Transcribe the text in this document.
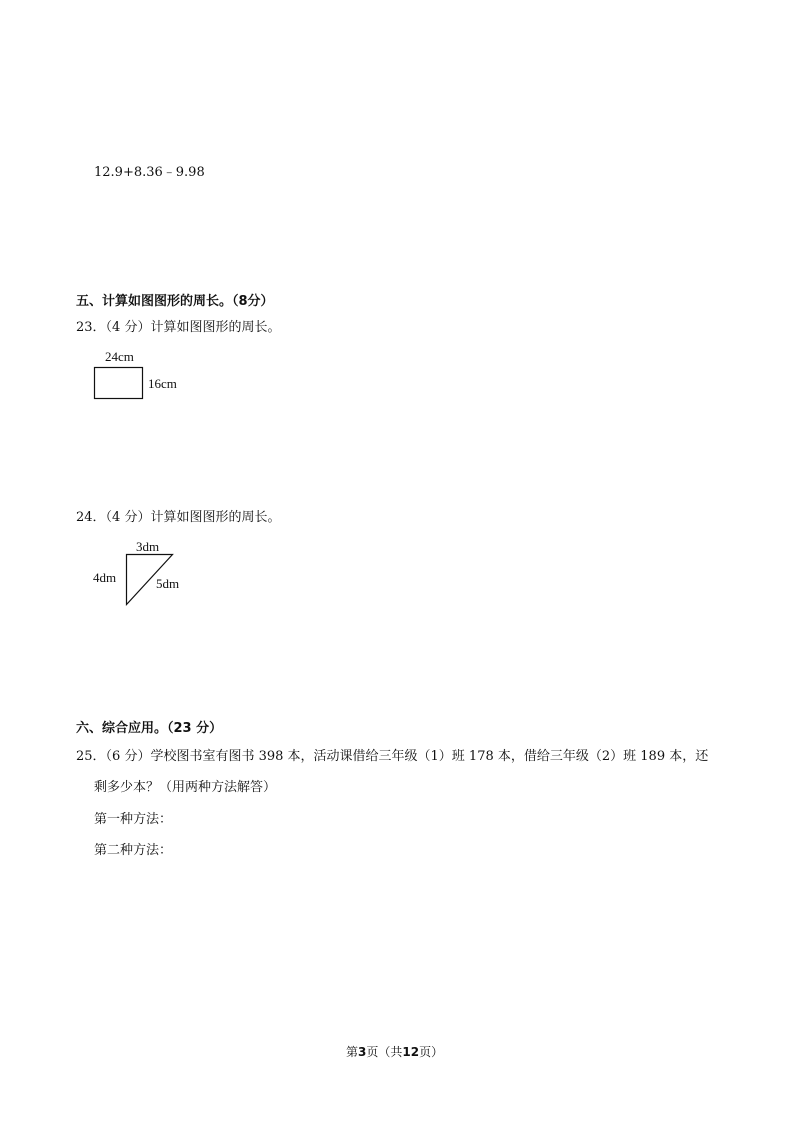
12.9+8.36﹣9.98
五、计算如图图形的周长。（8分）
23．（4 分）计算如图图形的周长。
24cm
16cm
24．（4 分）计算如图图形的周长。
3dm
4dm	5dm
六、综合应用。（23 分）
25．（6 分）学校图书室有图书 398 本，活动课借给三年级（1）班 178 本，借给三年级（2）班 189 本，还
剩多少本？（用两种方法解答）
第一种方法：
第二种方法：
第3页（共12页）
